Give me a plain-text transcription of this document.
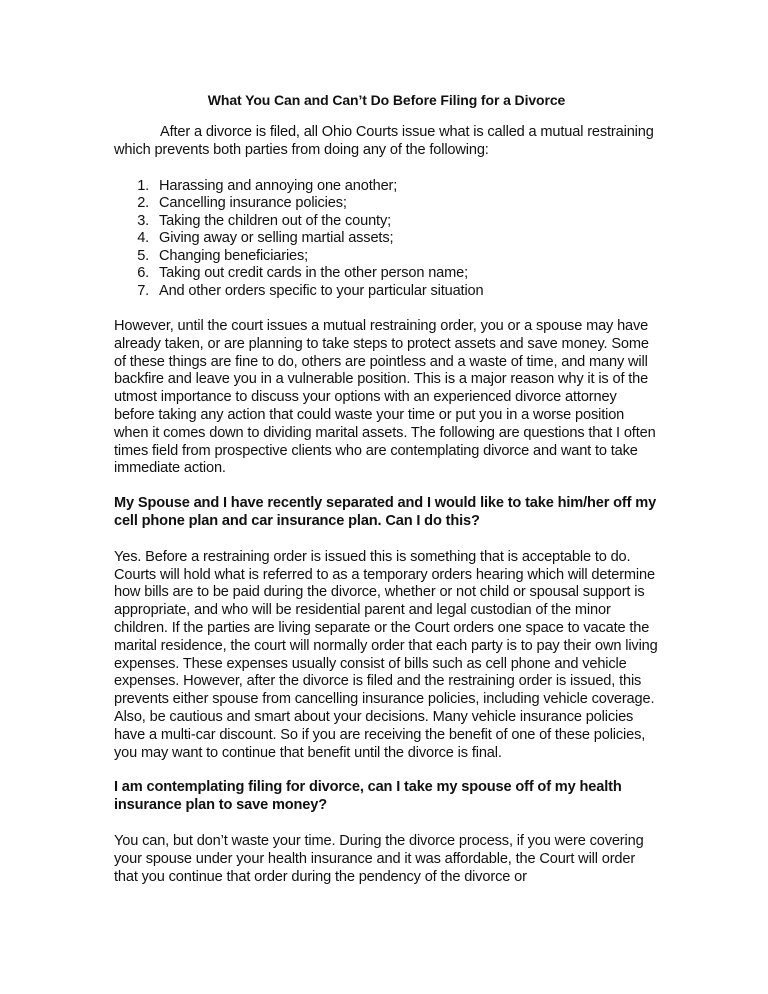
What You Can and Can’t Do Before Filing for a Divorce

After a divorce is filed, all Ohio Courts issue what is called a mutual restraining which prevents both parties from doing any of the following:

1. Harassing and annoying one another;
2. Cancelling insurance policies;
3. Taking the children out of the county;
4. Giving away or selling martial assets;
5. Changing beneficiaries;
6. Taking out credit cards in the other person name;
7. And other orders specific to your particular situation

However, until the court issues a mutual restraining order, you or a spouse may have already taken, or are planning to take steps to protect assets and save money. Some of these things are fine to do, others are pointless and a waste of time, and many will backfire and leave you in a vulnerable position. This is a major reason why it is of the utmost importance to discuss your options with an experienced divorce attorney before taking any action that could waste your time or put you in a worse position when it comes down to dividing marital assets. The following are questions that I often times field from prospective clients who are contemplating divorce and want to take immediate action.

My Spouse and I have recently separated and I would like to take him/her off my cell phone plan and car insurance plan. Can I do this?

Yes. Before a restraining order is issued this is something that is acceptable to do. Courts will hold what is referred to as a temporary orders hearing which will determine how bills are to be paid during the divorce, whether or not child or spousal support is appropriate, and who will be residential parent and legal custodian of the minor children. If the parties are living separate or the Court orders one space to vacate the marital residence, the court will normally order that each party is to pay their own living expenses. These expenses usually consist of bills such as cell phone and vehicle expenses. However, after the divorce is filed and the restraining order is issued, this prevents either spouse from cancelling insurance policies, including vehicle coverage. Also, be cautious and smart about your decisions. Many vehicle insurance policies have a multi-car discount. So if you are receiving the benefit of one of these policies, you may want to continue that benefit until the divorce is final.

I am contemplating filing for divorce, can I take my spouse off of my health insurance plan to save money?

You can, but don’t waste your time. During the divorce process, if you were covering your spouse under your health insurance and it was affordable, the Court will order that you continue that order during the pendency of the divorce or
